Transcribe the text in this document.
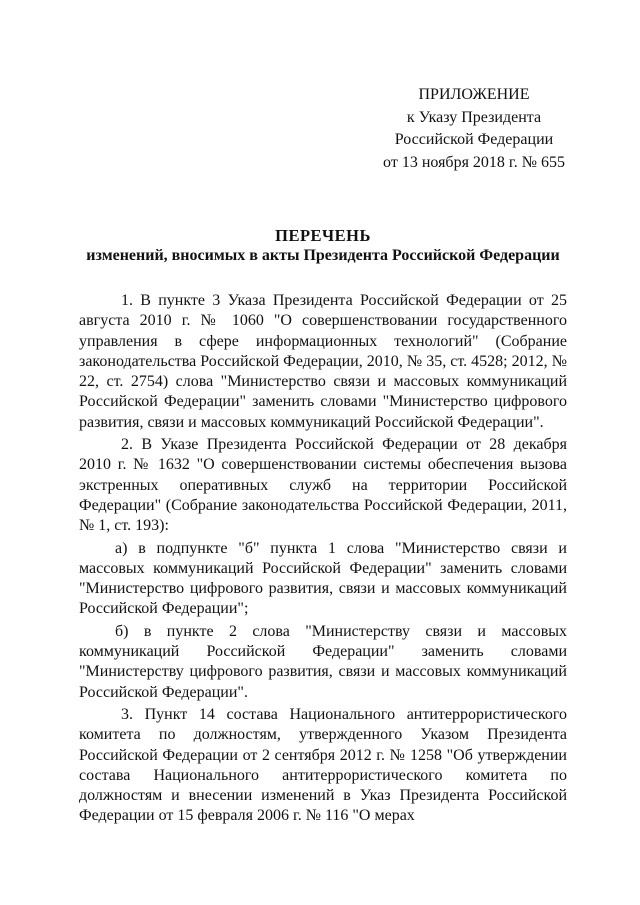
ПРИЛОЖЕНИЕ
к Указу Президента
Российской Федерации
от 13 ноября 2018 г. № 655
ПЕРЕЧЕНЬ
изменений, вносимых в акты Президента Российской Федерации

1. В пункте 3 Указа Президента Российской Федерации от 25 августа 2010 г. № 1060 "О совершенствовании государственного управления в сфере информационных технологий" (Собрание законодательства Российской Федерации, 2010, № 35, ст. 4528; 2012, № 22, ст. 2754) слова "Министерство связи и массовых коммуникаций Российской Федерации" заменить словами "Министерство цифрового развития, связи и массовых коммуникаций Российской Федерации".

2. В Указе Президента Российской Федерации от 28 декабря 2010 г. № 1632 "О совершенствовании системы обеспечения вызова экстренных оперативных служб на территории Российской Федерации" (Собрание законодательства Российской Федерации, 2011, № 1, ст. 193):

а) в подпункте "б" пункта 1 слова "Министерство связи и массовых коммуникаций Российской Федерации" заменить словами "Министерство цифрового развития, связи и массовых коммуникаций Российской Федерации";

б) в пункте 2 слова "Министерству связи и массовых коммуникаций Российской Федерации" заменить словами "Министерству цифрового развития, связи и массовых коммуникаций Российской Федерации".

3. Пункт 14 состава Национального антитеррористического комитета по должностям, утвержденного Указом Президента Российской Федерации от 2 сентября 2012 г. № 1258 "Об утверждении состава Национального антитеррористического комитета по должностям и внесении изменений в Указ Президента Российской Федерации от 15 февраля 2006 г. № 116 "О мерах
